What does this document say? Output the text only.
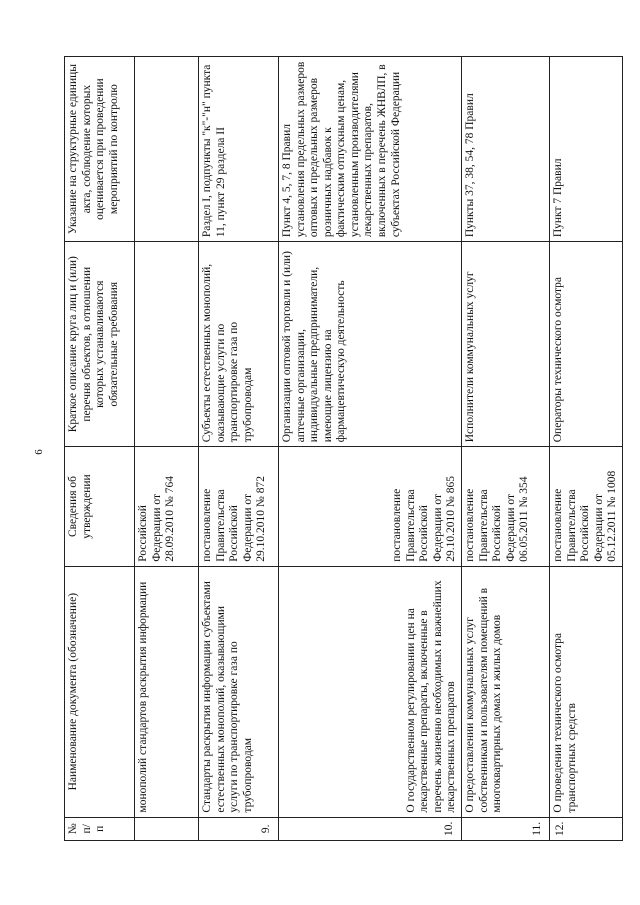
6
№ п/п	Наименование документа (обозначение)	Сведения об утверждении	Краткое описание круга лиц и (или) перечня объектов, в отношении которых устанавливаются обязательные требования	Указание на структурные единицы акта, соблюдение которых оценивается при проведении мероприятий по контролю
	монополий стандартов раскрытия информации	Российской Федерации от 28.09.2010 № 764		
9.	Стандарты раскрытия информации субъектами естественных монополий, оказывающими услуги по транспортировке газа по трубопроводам	постановление Правительства Российской Федерации от 29.10.2010 № 872	Субъекты естественных монополий, оказывающие услуги по транспортировке газа по трубопроводам	Раздел I, подпункты "к"-"н" пункта 11, пункт 29 раздела II
10.	О государственном регулировании цен на лекарственные препараты, включенные в перечень жизненно необходимых и важнейших лекарственных препаратов	постановление Правительства Российской Федерации от 29.10.2010 № 865	Организации оптовой торговли и (или) аптечные организации, индивидуальные предприниматели, имеющие лицензию на фармацевтическую деятельность	Пункт 4, 5, 7, 8 Правил установления предельных размеров оптовых и предельных размеров розничных надбавок к фактическим отпускным ценам, установленным производителями лекарственных препаратов, включенных в перечень ЖНВЛП, в субъектах Российской Федерации
11.	О предоставлении коммунальных услуг собственникам и пользователям помещений в многоквартирных домах и жилых домов	постановление Правительства Российской Федерации от 06.05.2011 № 354	Исполнители коммунальных услуг	Пункты 37, 38, 54, 78 Правил
12.	О проведении технического осмотра транспортных средств	постановление Правительства Российской Федерации от 05.12.2011 № 1008	Операторы технического осмотра	Пункт 7 Правил
